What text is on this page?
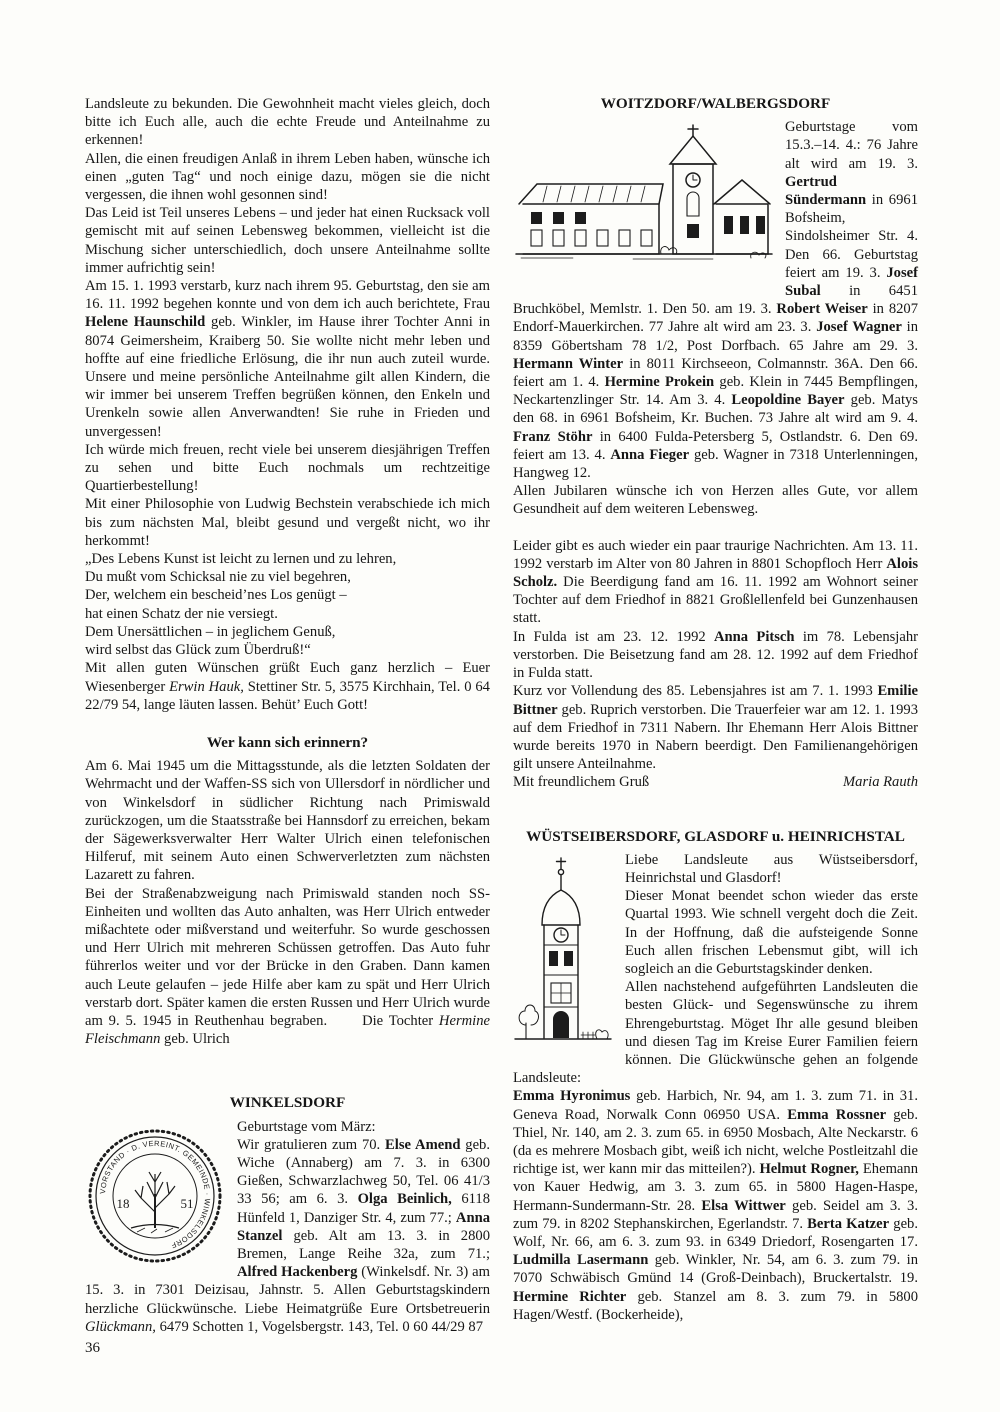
Landsleute zu bekunden. Die Gewohnheit macht vieles gleich, doch bitte ich Euch alle, auch die echte Freude und Anteilnahme zu erkennen!

Allen, die einen freudigen Anlaß in ihrem Leben haben, wünsche ich einen „guten Tag“ und noch einige dazu, mögen sie die nicht vergessen, die ihnen wohl gesonnen sind!

Das Leid ist Teil unseres Lebens – und jeder hat einen Rucksack voll gemischt mit auf seinen Lebensweg bekommen, vielleicht ist die Mischung sicher unterschiedlich, doch unsere Anteilnahme sollte immer aufrichtig sein!

Am 15. 1. 1993 verstarb, kurz nach ihrem 95. Geburtstag, den sie am 16. 11. 1992 begehen konnte und von dem ich auch berichtete, Frau Helene Haunschild geb. Winkler, im Hause ihrer Tochter Anni in 8074 Geimersheim, Kraiberg 50. Sie wollte nicht mehr leben und hoffte auf eine friedliche Erlösung, die ihr nun auch zuteil wurde. Unsere und meine persönliche Anteilnahme gilt allen Kindern, die wir immer bei unserem Treffen begrüßen können, den Enkeln und Urenkeln sowie allen Anverwandten! Sie ruhe in Frieden und unvergessen!

Ich würde mich freuen, recht viele bei unserem diesjährigen Treffen zu sehen und bitte Euch nochmals um rechtzeitige Quartierbestellung!

Mit einer Philosophie von Ludwig Bechstein verabschiede ich mich bis zum nächsten Mal, bleibt gesund und vergeßt nicht, wo ihr herkommt!

„Des Lebens Kunst ist leicht zu lernen und zu lehren,
Du mußt vom Schicksal nie zu viel begehren,
Der, welchem ein bescheid’nes Los genügt –
hat einen Schatz der nie versiegt.
Dem Unersättlichen – in jeglichem Genuß,
wird selbst das Glück zum Überdruß!“

Mit allen guten Wünschen grüßt Euch ganz herzlich – Euer Wiesenberger Erwin Hauk, Stettiner Str. 5, 3575 Kirchhain, Tel. 0 64 22/79 54, lange läuten lassen. Behüt’ Euch Gott!

Wer kann sich erinnern?

Am 6. Mai 1945 um die Mittagsstunde, als die letzten Soldaten der Wehrmacht und der Waffen-SS sich von Ullersdorf in nördlicher und von Winkelsdorf in südlicher Richtung nach Primiswald zurückzogen, um die Staatsstraße bei Hannsdorf zu erreichen, bekam der Sägewerksverwalter Herr Walter Ulrich einen telefonischen Hilferuf, mit seinem Auto einen Schwerverletzten zum nächsten Lazarett zu fahren.

Bei der Straßenabzweigung nach Primiswald standen noch SS-Einheiten und wollten das Auto anhalten, was Herr Ulrich entweder mißachtete oder mißverstand und weiterfuhr. So wurde geschossen und Herr Ulrich mit mehreren Schüssen getroffen. Das Auto fuhr führerlos weiter und vor der Brücke in den Graben. Dann kamen auch Leute gelaufen – jede Hilfe aber kam zu spät und Herr Ulrich verstarb dort. Später kamen die ersten Russen und Herr Ulrich wurde am 9. 5. 1945 in Reuthenhau begraben.      Die Tochter Hermine Fleischmann geb. Ulrich

WINKELSDORF
18	51
VORSTAND · D. VEREINT. GEMEINDE · WINKELSDORF

Geburtstage vom März:

Wir gratulieren zum 70. Else Amend geb. Wiche (Annaberg) am 7. 3. in 6300 Gießen, Schwarzlachweg 50, Tel. 06 41/3 33 56; am 6. 3. Olga Beinlich, 6118 Hünfeld 1, Danziger Str. 4, zum 77.; Anna Stanzel geb. Alt am 13. 3. in 2800 Bremen, Lange Reihe 32a, zum 71.; Alfred Hackenberg (Winkelsdf. Nr. 3) am 15. 3. in 7301 Deizisau, Jahnstr. 5. Allen Geburtstagskindern herzliche Glückwünsche. Liebe Heimatgrüße Eure Ortsbetreuerin Glückmann, 6479 Schotten 1, Vogelsbergstr. 143, Tel. 0 60 44/29 87

WOITZDORF/WALBERGSDORF

Geburtstage vom 15.3.–14. 4.: 76 Jahre alt wird am 19. 3. Gertrud Sündermann in 6961 Bofsheim, Sindolsheimer Str. 4. Den 66. Geburtstag feiert am 19. 3. Josef Subal in 6451 Bruchköbel, Memlstr. 1. Den 50. am 19. 3. Robert Weiser in 8207 Endorf-Mauerkirchen. 77 Jahre alt wird am 23. 3. Josef Wagner in 8359 Göbertsham 78 1/2, Post Dorfbach. 65 Jahre am 29. 3. Hermann Winter in 8011 Kirchseeon, Colmannstr. 36A. Den 66. feiert am 1. 4. Hermine Prokein geb. Klein in 7445 Bempflingen, Neckartenzlinger Str. 14. Am 3. 4. Leopoldine Bayer geb. Matys den 68. in 6961 Bofsheim, Kr. Buchen. 73 Jahre alt wird am 9. 4. Franz Stöhr in 6400 Fulda-Petersberg 5, Ostlandstr. 6. Den 69. feiert am 13. 4. Anna Fieger geb. Wagner in 7318 Unterlenningen, Hangweg 12.

Allen Jubilaren wünsche ich von Herzen alles Gute, vor allem Gesundheit auf dem weiteren Lebensweg.

Leider gibt es auch wieder ein paar traurige Nachrichten. Am 13. 11. 1992 verstarb im Alter von 80 Jahren in 8801 Schopfloch Herr Alois Scholz. Die Beerdigung fand am 16. 11. 1992 am Wohnort seiner Tochter auf dem Friedhof in 8821 Großlellenfeld bei Gunzenhausen statt.

In Fulda ist am 23. 12. 1992 Anna Pitsch im 78. Lebensjahr verstorben. Die Beisetzung fand am 28. 12. 1992 auf dem Friedhof in Fulda statt.

Kurz vor Vollendung des 85. Lebensjahres ist am 7. 1. 1993 Emilie Bittner geb. Ruprich verstorben. Die Trauerfeier war am 12. 1. 1993 auf dem Friedhof in 7311 Nabern. Ihr Ehemann Herr Alois Bittner wurde bereits 1970 in Nabern beerdigt. Den Familienangehörigen gilt unsere Anteilnahme.

Mit freundlichem Gruß	Maria Rauth
WÜSTSEIBERSDORF, GLASDORF u. HEINRICHSTAL

Liebe Landsleute aus Wüstseibersdorf, Heinrichstal und Glasdorf!

Dieser Monat beendet schon wieder das erste Quartal 1993. Wie schnell vergeht doch die Zeit. In der Hoffnung, daß die aufsteigende Sonne Euch allen frischen Lebensmut gibt, will ich sogleich an die Geburtstagskinder denken.

Allen nachstehend aufgeführten Landsleuten die besten Glück- und Segenswünsche zu ihrem Ehrengeburtstag. Möget Ihr alle gesund bleiben und diesen Tag im Kreise Eurer Familien feiern können. Die Glückwünsche gehen an folgende Landsleute:

Emma Hyronimus geb. Harbich, Nr. 94, am 1. 3. zum 71. in 31. Geneva Road, Norwalk Conn 06950 USA. Emma Rossner geb. Thiel, Nr. 140, am 2. 3. zum 65. in 6950 Mosbach, Alte Neckarstr. 6 (da es mehrere Mosbach gibt, weiß ich nicht, welche Postleitzahl die richtige ist, wer kann mir das mitteilen?). Helmut Rogner, Ehemann von Kauer Hedwig, am 3. 3. zum 65. in 5800 Hagen-Haspe, Hermann-Sundermann-Str. 28. Elsa Wittwer geb. Seidel am 3. 3. zum 79. in 8202 Stephanskirchen, Egerlandstr. 7. Berta Katzer geb. Wolf, Nr. 66, am 6. 3. zum 93. in 6349 Driedorf, Rosengarten 17. Ludmilla Lasermann geb. Winkler, Nr. 54, am 6. 3. zum 79. in 7070 Schwäbisch Gmünd 14 (Groß-Deinbach), Bruckertalstr. 19. Hermine Richter geb. Stanzel am 8. 3. zum 79. in 5800 Hagen/Westf. (Bockerheide),

36
